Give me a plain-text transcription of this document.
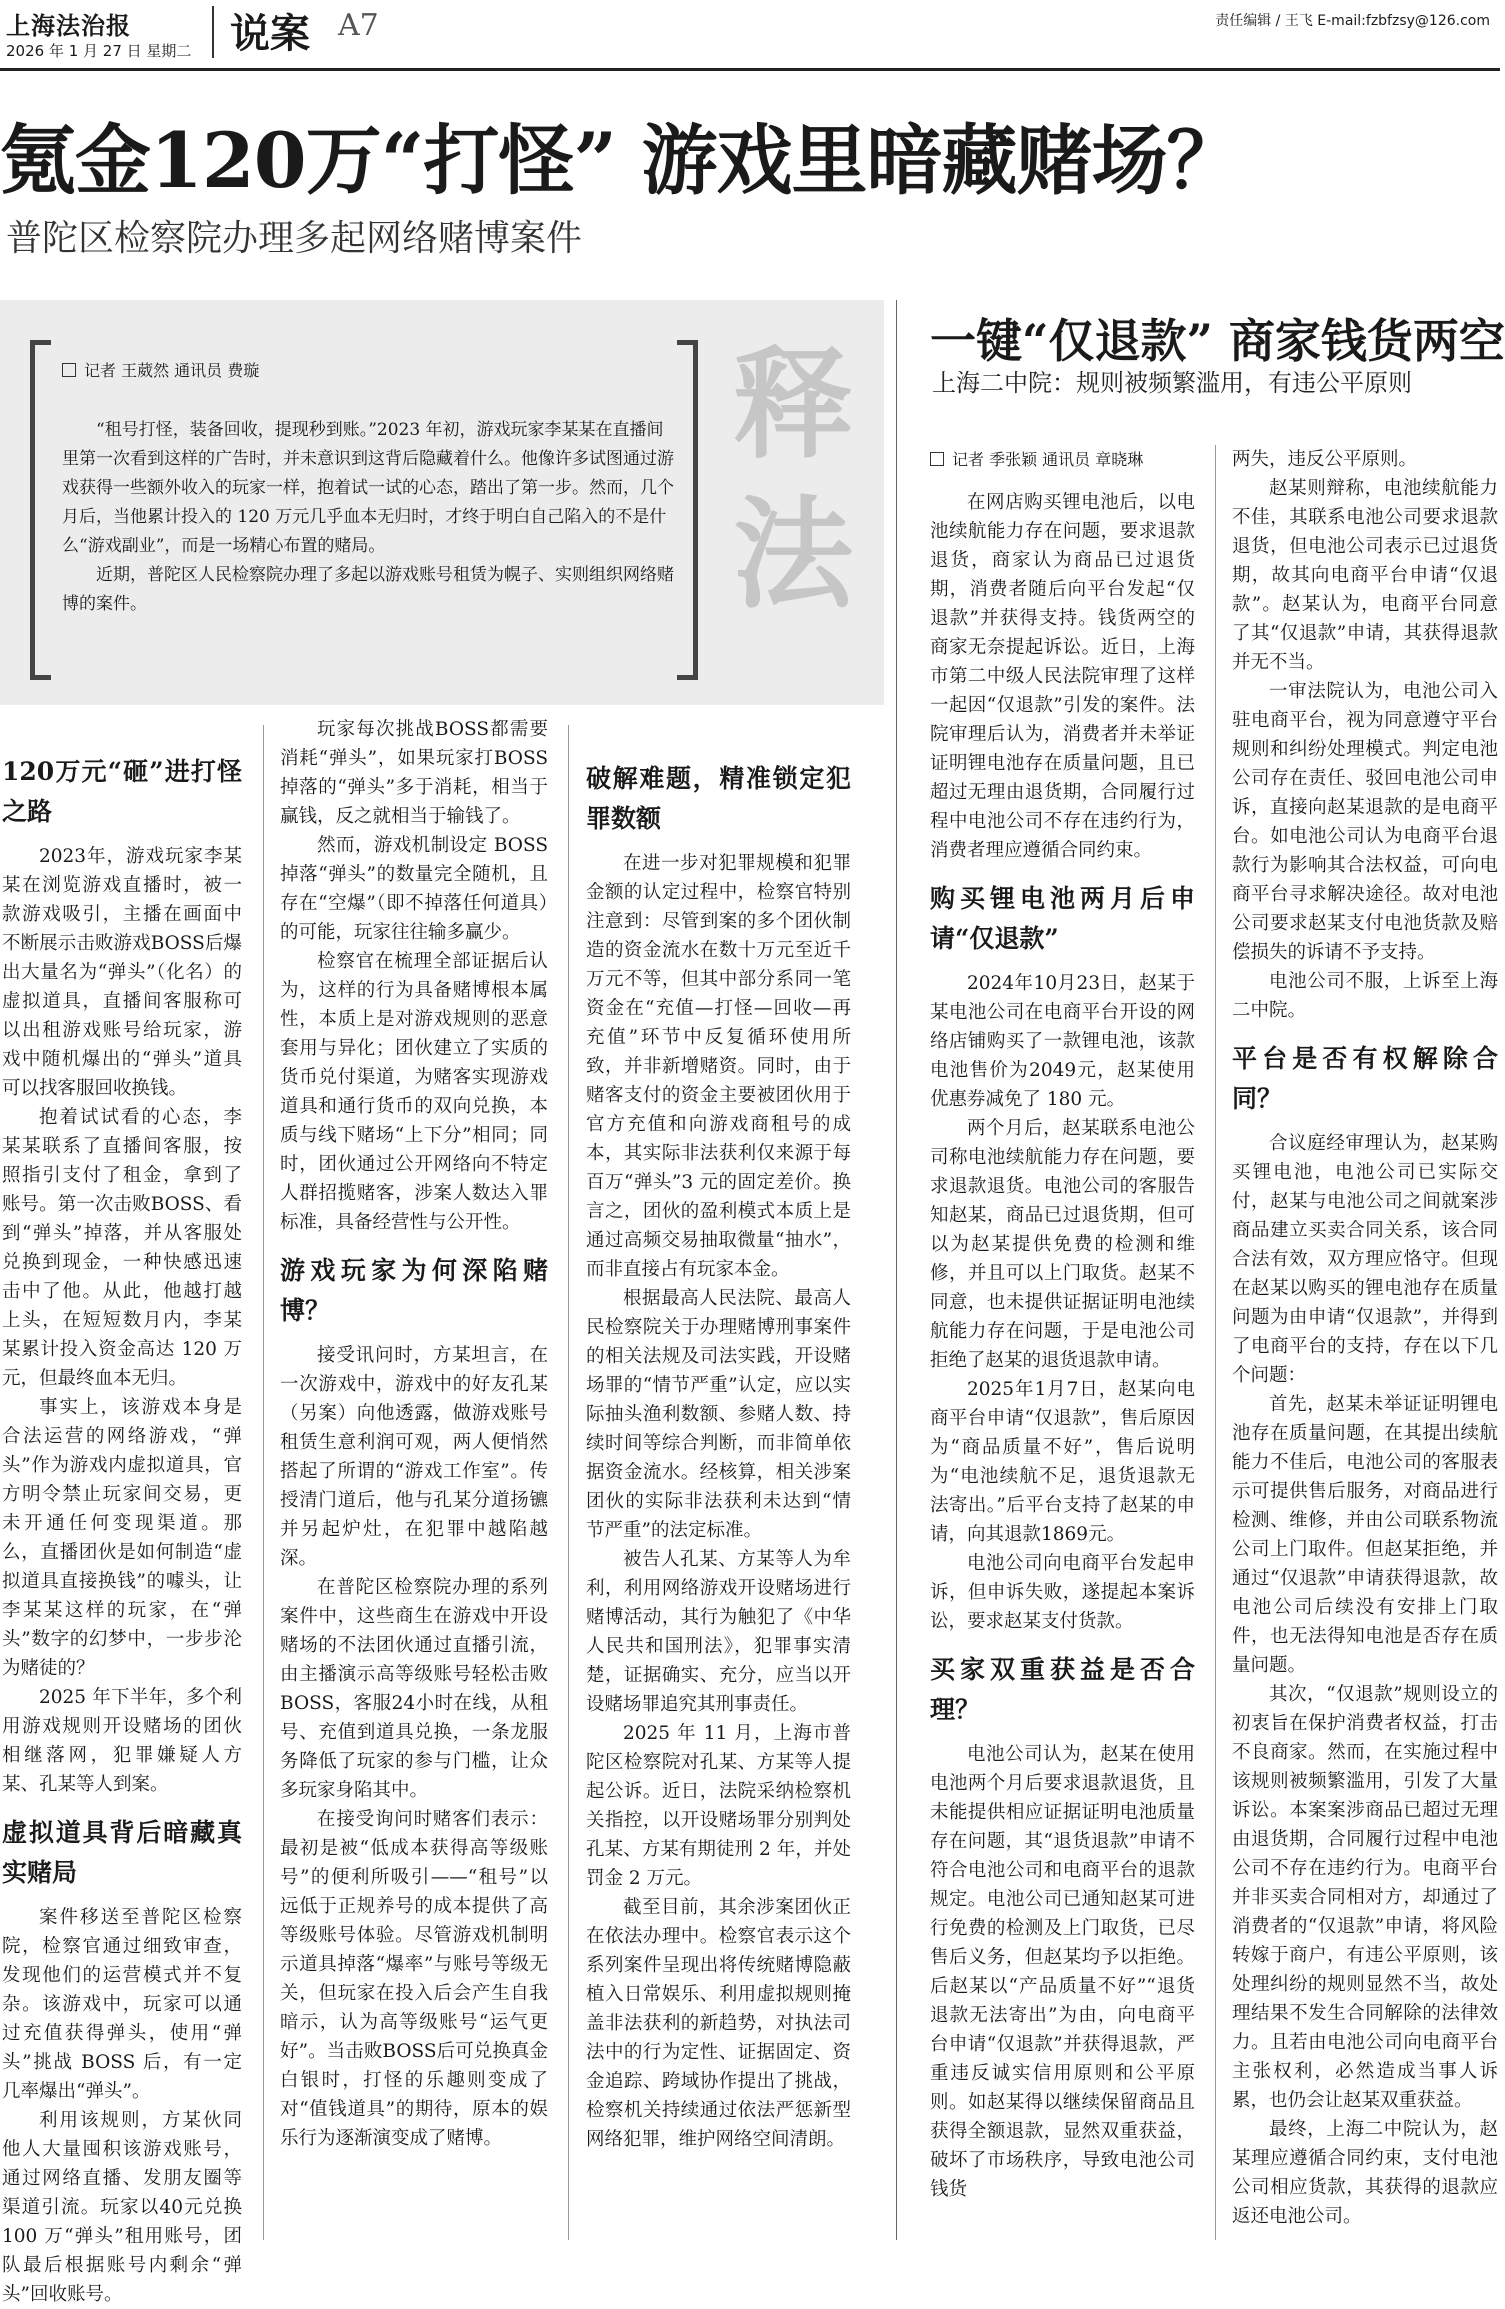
上海法治报
2026 年 1 月 27 日 星期二 说案 A7	责任编辑 / 王飞 E-mail:fzbfzsy@126.com
氪金120万“打怪” 游戏里暗藏赌场？
普陀区检察院办理多起网络赌博案件
记者 王葳然 通讯员 费璇

“租号打怪，装备回收，提现秒到账。”2023 年初，游戏玩家李某某在直播间里第一次看到这样的广告时，并未意识到这背后隐藏着什么。他像许多试图通过游戏获得一些额外收入的玩家一样，抱着试一试的心态，踏出了第一步。然而，几个月后，当他累计投入的 120 万元几乎血本无归时，才终于明白自己陷入的不是什么“游戏副业”，而是一场精心布置的赌局。

近期，普陀区人民检察院办理了多起以游戏账号租赁为幌子、实则组织网络赌博的案件。

释法
一键“仅退款” 商家钱货两空
上海二中院：规则被频繁滥用，有违公平原则
120万元“砸”进打怪之路

2023年，游戏玩家李某某在浏览游戏直播时，被一款游戏吸引，主播在画面中不断展示击败游戏BOSS后爆出大量名为“弹头”（化名）的虚拟道具，直播间客服称可以出租游戏账号给玩家，游戏中随机爆出的“弹头”道具可以找客服回收换钱。

抱着试试看的心态，李某某联系了直播间客服，按照指引支付了租金，拿到了账号。第一次击败BOSS、看到“弹头”掉落，并从客服处兑换到现金，一种快感迅速击中了他。从此，他越打越上头，在短短数月内，李某某累计投入资金高达 120 万元，但最终血本无归。

事实上，该游戏本身是合法运营的网络游戏，“弹头”作为游戏内虚拟道具，官方明令禁止玩家间交易，更未开通任何变现渠道。那么，直播团伙是如何制造“虚拟道具直接换钱”的噱头，让李某某这样的玩家，在“弹头”数字的幻梦中，一步步沦为赌徒的？

2025 年下半年，多个利用游戏规则开设赌场的团伙相继落网，犯罪嫌疑人方某、孔某等人到案。

虚拟道具背后暗藏真实赌局

案件移送至普陀区检察院，检察官通过细致审查，发现他们的运营模式并不复杂。该游戏中，玩家可以通过充值获得弹头，使用“弹头”挑战 BOSS 后，有一定几率爆出“弹头”。

利用该规则，方某伙同他人大量囤积该游戏账号，通过网络直播、发朋友圈等渠道引流。玩家以40元兑换100 万“弹头”租用账号，团队最后根据账号内剩余“弹头”回收账号。

玩家每次挑战BOSS都需要消耗“弹头”，如果玩家打BOSS掉落的“弹头”多于消耗，相当于赢钱，反之就相当于输钱了。

然而，游戏机制设定 BOSS 掉落“弹头”的数量完全随机，且存在“空爆”（即不掉落任何道具）的可能，玩家往往输多赢少。

检察官在梳理全部证据后认为，这样的行为具备赌博根本属性，本质上是对游戏规则的恶意套用与异化；团伙建立了实质的货币兑付渠道，为赌客实现游戏道具和通行货币的双向兑换，本质与线下赌场“上下分”相同；同时，团伙通过公开网络向不特定人群招揽赌客，涉案人数达入罪标准，具备经营性与公开性。

游戏玩家为何深陷赌博？

接受讯问时，方某坦言，在一次游戏中，游戏中的好友孔某（另案）向他透露，做游戏账号租赁生意利润可观，两人便悄然搭起了所谓的“游戏工作室”。传授清门道后，他与孔某分道扬镳并另起炉灶，在犯罪中越陷越深。

在普陀区检察院办理的系列案件中，这些商生在游戏中开设赌场的不法团伙通过直播引流，由主播演示高等级账号轻松击败BOSS，客服24小时在线，从租号、充值到道具兑换，一条龙服务降低了玩家的参与门槛，让众多玩家身陷其中。

在接受询问时赌客们表示：最初是被“低成本获得高等级账号”的便利所吸引——“租号”以远低于正规养号的成本提供了高等级账号体验。尽管游戏机制明示道具掉落“爆率”与账号等级无关，但玩家在投入后会产生自我暗示，认为高等级账号“运气更好”。当击败BOSS后可兑换真金白银时，打怪的乐趣则变成了对“值钱道具”的期待，原本的娱乐行为逐渐演变成了赌博。

破解难题，精准锁定犯罪数额

在进一步对犯罪规模和犯罪金额的认定过程中，检察官特别注意到：尽管到案的多个团伙制造的资金流水在数十万元至近千万元不等，但其中部分系同一笔资金在“充值—打怪—回收—再充值”环节中反复循环使用所致，并非新增赌资。同时，由于赌客支付的资金主要被团伙用于官方充值和向游戏商租号的成本，其实际非法获利仅来源于每百万“弹头”3 元的固定差价。换言之，团伙的盈利模式本质上是通过高频交易抽取微量“抽水”，而非直接占有玩家本金。

根据最高人民法院、最高人民检察院关于办理赌博刑事案件的相关法规及司法实践，开设赌场罪的“情节严重”认定，应以实际抽头渔利数额、参赌人数、持续时间等综合判断，而非简单依据资金流水。经核算，相关涉案团伙的实际非法获利未达到“情节严重”的法定标准。

被告人孔某、方某等人为牟利，利用网络游戏开设赌场进行赌博活动，其行为触犯了《中华人民共和国刑法》，犯罪事实清楚，证据确实、充分，应当以开设赌场罪追究其刑事责任。

2025 年 11 月，上海市普陀区检察院对孔某、方某等人提起公诉。近日，法院采纳检察机关指控，以开设赌场罪分别判处孔某、方某有期徒刑 2 年，并处罚金 2 万元。

截至目前，其余涉案团伙正在依法办理中。检察官表示这个系列案件呈现出将传统赌博隐蔽植入日常娱乐、利用虚拟规则掩盖非法获利的新趋势，对执法司法中的行为定性、证据固定、资金追踪、跨域协作提出了挑战，检察机关持续通过依法严惩新型网络犯罪，维护网络空间清朗。

记者 季张颖 通讯员 章晓琳

在网店购买锂电池后，以电池续航能力存在问题，要求退款退货，商家认为商品已过退货期，消费者随后向平台发起“仅退款”并获得支持。钱货两空的商家无奈提起诉讼。近日，上海市第二中级人民法院审理了这样一起因“仅退款”引发的案件。法院审理后认为，消费者并未举证证明锂电池存在质量问题，且已超过无理由退货期，合同履行过程中电池公司不存在违约行为，消费者理应遵循合同约束。

购买锂电池两月后申请“仅退款”

2024年10月23日，赵某于某电池公司在电商平台开设的网络店铺购买了一款锂电池，该款电池售价为2049元，赵某使用优惠券减免了 180 元。

两个月后，赵某联系电池公司称电池续航能力存在问题，要求退款退货。电池公司的客服告知赵某，商品已过退货期，但可以为赵某提供免费的检测和维修，并且可以上门取货。赵某不同意，也未提供证据证明电池续航能力存在问题，于是电池公司拒绝了赵某的退货退款申请。

2025年1月7日，赵某向电商平台申请“仅退款”，售后原因为“商品质量不好”，售后说明为“电池续航不足，退货退款无法寄出。”后平台支持了赵某的申请，向其退款1869元。

电池公司向电商平台发起申诉，但申诉失败，遂提起本案诉讼，要求赵某支付货款。

买家双重获益是否合理？

电池公司认为，赵某在使用电池两个月后要求退款退货，且未能提供相应证据证明电池质量存在问题，其“退货退款”申请不符合电池公司和电商平台的退款规定。电池公司已通知赵某可进行免费的检测及上门取货，已尽售后义务，但赵某均予以拒绝。后赵某以“产品质量不好”“退货退款无法寄出”为由，向电商平台申请“仅退款”并获得退款，严重违反诚实信用原则和公平原则。如赵某得以继续保留商品且获得全额退款，显然双重获益，破坏了市场秩序，导致电池公司钱货

两失，违反公平原则。

赵某则辩称，电池续航能力不佳，其联系电池公司要求退款退货，但电池公司表示已过退货期，故其向电商平台申请“仅退款”。赵某认为，电商平台同意了其“仅退款”申请，其获得退款并无不当。

一审法院认为，电池公司入驻电商平台，视为同意遵守平台规则和纠纷处理模式。判定电池公司存在责任、驳回电池公司申诉，直接向赵某退款的是电商平台。如电池公司认为电商平台退款行为影响其合法权益，可向电商平台寻求解决途径。故对电池公司要求赵某支付电池货款及赔偿损失的诉请不予支持。

电池公司不服，上诉至上海二中院。

平台是否有权解除合同？

合议庭经审理认为，赵某购买锂电池，电池公司已实际交付，赵某与电池公司之间就案涉商品建立买卖合同关系，该合同合法有效，双方理应恪守。但现在赵某以购买的锂电池存在质量问题为由申请“仅退款”，并得到了电商平台的支持，存在以下几个问题：

首先，赵某未举证证明锂电池存在质量问题，在其提出续航能力不佳后，电池公司的客服表示可提供售后服务，对商品进行检测、维修，并由公司联系物流公司上门取件。但赵某拒绝，并通过“仅退款”申请获得退款，故电池公司后续没有安排上门取件，也无法得知电池是否存在质量问题。

其次，“仅退款”规则设立的初衷旨在保护消费者权益，打击不良商家。然而，在实施过程中该规则被频繁滥用，引发了大量诉讼。本案案涉商品已超过无理由退货期，合同履行过程中电池公司不存在违约行为。电商平台并非买卖合同相对方，却通过了消费者的“仅退款”申请，将风险转嫁于商户，有违公平原则，该处理纠纷的规则显然不当，故处理结果不发生合同解除的法律效力。且若由电池公司向电商平台主张权利，必然造成当事人诉累，也仍会让赵某双重获益。

最终，上海二中院认为，赵某理应遵循合同约束，支付电池公司相应货款，其获得的退款应返还电池公司。
